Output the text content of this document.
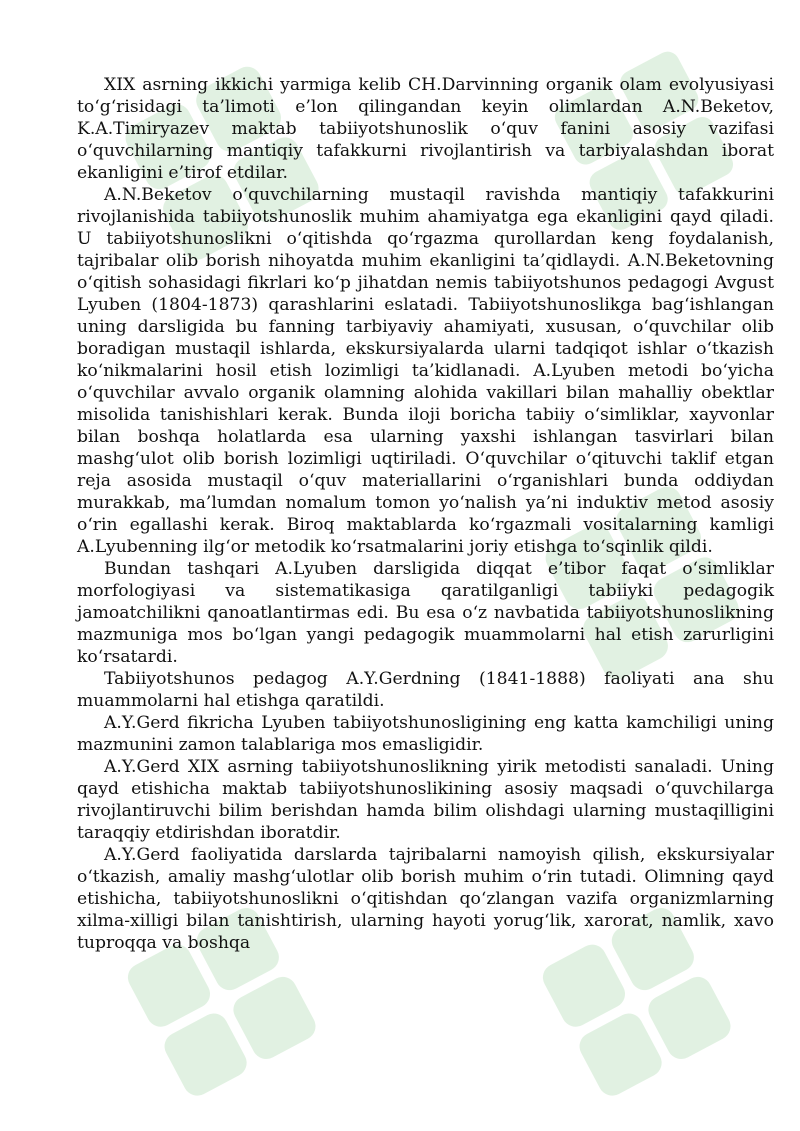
XIX asrning ikkichi yarmiga kelib CH.Darvinning organik olam evolyusiyasi to‘g‘risidagi ta’limoti e’lon qilingandan keyin olimlardan A.N.Beketov, K.A.Timiryazev maktab tabiiyotshunoslik o‘quv fanini asosiy vazifasi o‘quvchilarning mantiqiy tafakkurni rivojlantirish va tarbiyalashdan iborat ekanligini e’tirof etdilar.

A.N.Beketov o‘quvchilarning mustaqil ravishda mantiqiy tafakkurini rivojlanishida tabiiyotshunoslik muhim ahamiyatga ega ekanligini qayd qiladi. U tabiiyotshunoslikni o‘qitishda qo‘rgazma qurollardan keng foydalanish, tajribalar olib borish nihoyatda muhim ekanligini ta’qidlaydi. A.N.Beketovning o‘qitish sohasidagi fikrlari ko‘p jihatdan nemis tabiiyotshunos pedagogi Avgust Lyuben (1804-1873) qarashlarini eslatadi. Tabiiyotshunoslikga bag‘ishlangan uning darsligida bu fanning tarbiyaviy ahamiyati, xususan, o‘quvchilar olib boradigan mustaqil ishlarda, ekskursiyalarda ularni tadqiqot ishlar o‘tkazish ko‘nikmalarini hosil etish lozimligi ta’kidlanadi. A.Lyuben metodi bo‘yicha o‘quvchilar avvalo organik olamning alohida vakillari bilan mahalliy obektlar misolida tanishishlari kerak. Bunda iloji boricha tabiiy o‘simliklar, xayvonlar bilan boshqa holatlarda esa ularning yaxshi ishlangan tasvirlari bilan mashg‘ulot olib borish lozimligi uqtiriladi. O‘quvchilar o‘qituvchi taklif etgan reja asosida mustaqil o‘quv materiallarini o‘rganishlari bunda oddiydan murakkab, ma’lumdan nomalum tomon yo‘nalish ya’ni induktiv metod asosiy o‘rin egallashi kerak. Biroq maktablarda ko‘rgazmali vositalarning kamligi A.Lyubenning ilg‘or metodik ko‘rsatmalarini joriy etishga to‘sqinlik qildi.

Bundan tashqari A.Lyuben darsligida diqqat e’tibor faqat o‘simliklar morfologiyasi va sistematikasiga qaratilganligi tabiiyki pedagogik jamoatchilikni qanoatlantirmas edi. Bu esa o‘z navbatida tabiiyotshunoslikning mazmuniga mos bo‘lgan yangi pedagogik muammolarni hal etish zarurligini ko‘rsatardi.

Tabiiyotshunos pedagog A.Y.Gerdning (1841-1888) faoliyati ana shu muammolarni hal etishga qaratildi.

A.Y.Gerd fikricha Lyuben tabiiyotshunosligining eng katta kamchiligi uning mazmunini zamon talablariga mos emasligidir.

A.Y.Gerd XIX asrning tabiiyotshunoslikning yirik metodisti sanaladi. Uning qayd etishicha maktab tabiiyotshunoslikining asosiy maqsadi o‘quvchilarga rivojlantiruvchi bilim berishdan hamda bilim olishdagi ularning mustaqilligini taraqqiy etdirishdan iboratdir.

A.Y.Gerd faoliyatida darslarda tajribalarni namoyish qilish, ekskursiyalar o‘tkazish, amaliy mashg‘ulotlar olib borish muhim o‘rin tutadi. Olimning qayd etishicha, tabiiyotshunoslikni o‘qitishdan qo‘zlangan vazifa organizmlarning xilma-xilligi bilan tanishtirish, ularning hayoti yorug‘lik, xarorat, namlik, xavo tuproqqa va boshqa
